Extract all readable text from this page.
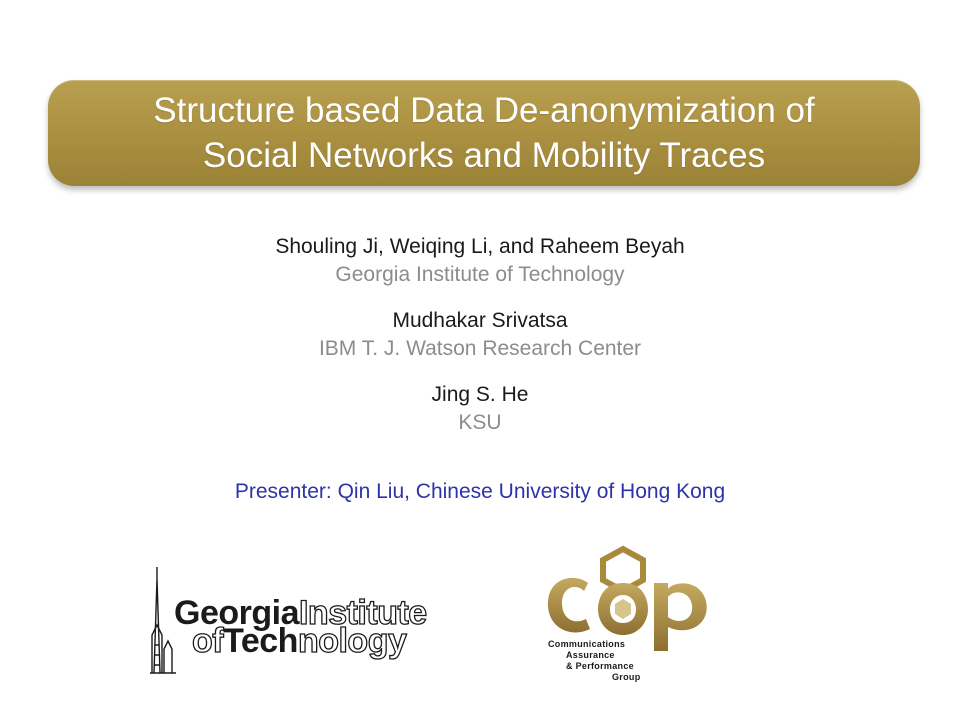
Structure based Data De-anonymization of
Social Networks and Mobility Traces
Shouling Ji, Weiqing Li, and Raheem Beyah
Georgia Institute of Technology
Mudhakar Srivatsa
IBM T. J. Watson Research Center
Jing S. He
KSU
Presenter: Qin Liu, Chinese University of Hong Kong
GeorgiaInstitute
ofTechnology	Communications
Assurance
& Performance
Group
